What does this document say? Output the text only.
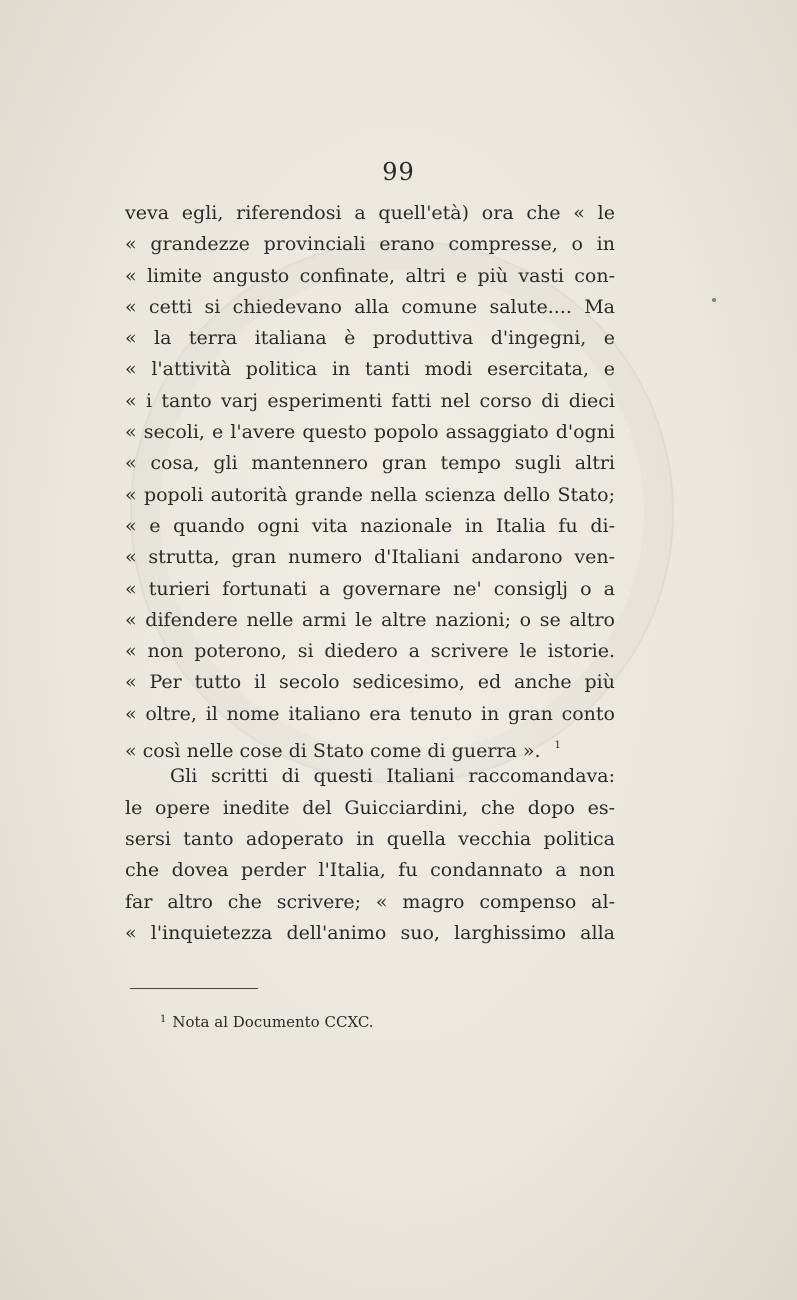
99
veva egli, riferendosi a quell'età) ora che « le
« grandezze provinciali erano compresse, o in
« limite angusto confinate, altri e più vasti con-
« cetti si chiedevano alla comune salute.... Ma
« la terra italiana è produttiva d'ingegni, e
« l'attività politica in tanti modi esercitata, e
« i tanto varj esperimenti fatti nel corso di dieci
« secoli, e l'avere questo popolo assaggiato d'ogni
« cosa, gli mantennero gran tempo sugli altri
« popoli autorità grande nella scienza dello Stato;
« e quando ogni vita nazionale in Italia fu di-
« strutta, gran numero d'Italiani andarono ven-
« turieri fortunati a governare ne' consiglj o a
« difendere nelle armi le altre nazioni; o se altro
« non poterono, si diedero a scrivere le istorie.
« Per tutto il secolo sedicesimo, ed anche più
« oltre, il nome italiano era tenuto in gran conto
« così nelle cose di Stato come di guerra ». $^1$
Gli scritti di questi Italiani raccomandava:
le opere inedite del Guicciardini, che dopo es-
sersi tanto adoperato in quella vecchia politica
che dovea perder l'Italia, fu condannato a non
far altro che scrivere; « magro compenso al-
« l'inquietezza dell'animo suo, larghissimo alla
$^1$ Nota al Documento CCXC.
